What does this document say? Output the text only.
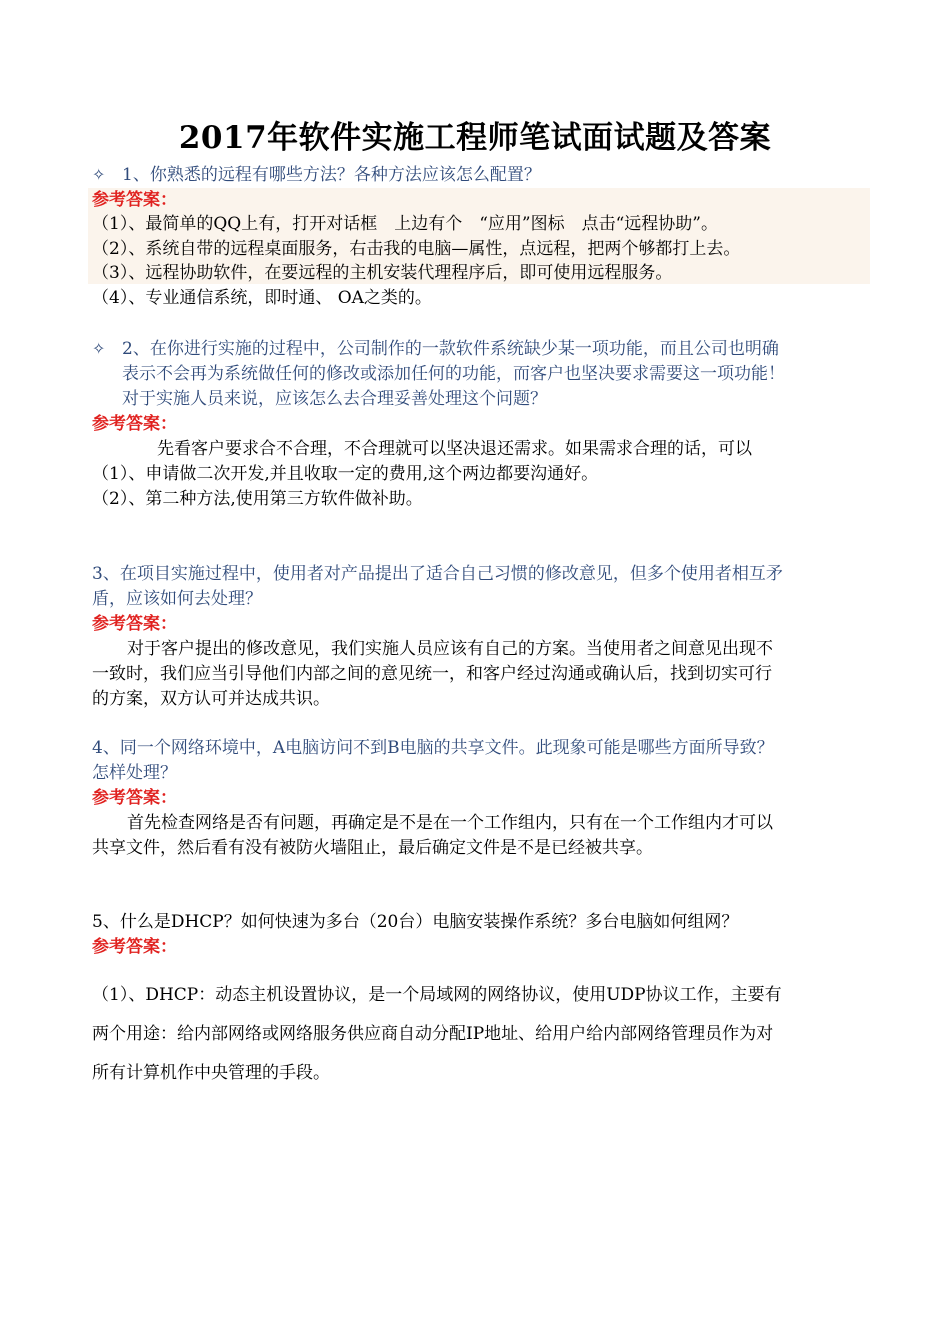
2017年软件实施工程师笔试面试题及答案
✧ 1、你熟悉的远程有哪些方法？各种方法应该怎么配置？
参考答案：
（1）、最简单的QQ上有，打开对话框　上边有个　“应用”图标　点击“远程协助”。
（2）、系统自带的远程桌面服务，右击我的电脑—属性，点远程，把两个够都打上去。
（3）、远程协助软件，在要远程的主机安装代理程序后，即可使用远程服务。
（4）、专业通信系统，即时通、 OA之类的。
✧ 2、在你进行实施的过程中，公司制作的一款软件系统缺少某一项功能，而且公司也明确
表示不会再为系统做任何的修改或添加任何的功能，而客户也坚决要求需要这一项功能！
对于实施人员来说，应该怎么去合理妥善处理这个问题？
参考答案：
先看客户要求合不合理，不合理就可以坚决退还需求。如果需求合理的话，可以
（1）、申请做二次开发,并且收取一定的费用,这个两边都要沟通好。
（2）、第二种方法,使用第三方软件做补助。
3、在项目实施过程中，使用者对产品提出了适合自己习惯的修改意见，但多个使用者相互矛
盾，应该如何去处理？
参考答案：
对于客户提出的修改意见，我们实施人员应该有自己的方案。当使用者之间意见出现不
一致时，我们应当引导他们内部之间的意见统一，和客户经过沟通或确认后，找到切实可行
的方案，双方认可并达成共识。
4、同一个网络环境中，A电脑访问不到B电脑的共享文件。此现象可能是哪些方面所导致？
怎样处理？
参考答案：
首先检查网络是否有问题，再确定是不是在一个工作组内，只有在一个工作组内才可以
共享文件，然后看有没有被防火墙阻止，最后确定文件是不是已经被共享。
5、什么是DHCP？如何快速为多台（20台）电脑安装操作系统？多台电脑如何组网？
参考答案：
（1）、DHCP：动态主机设置协议，是一个局域网的网络协议，使用UDP协议工作，主要有
两个用途：给内部网络或网络服务供应商自动分配IP地址、给用户给内部网络管理员作为对
所有计算机作中央管理的手段。
